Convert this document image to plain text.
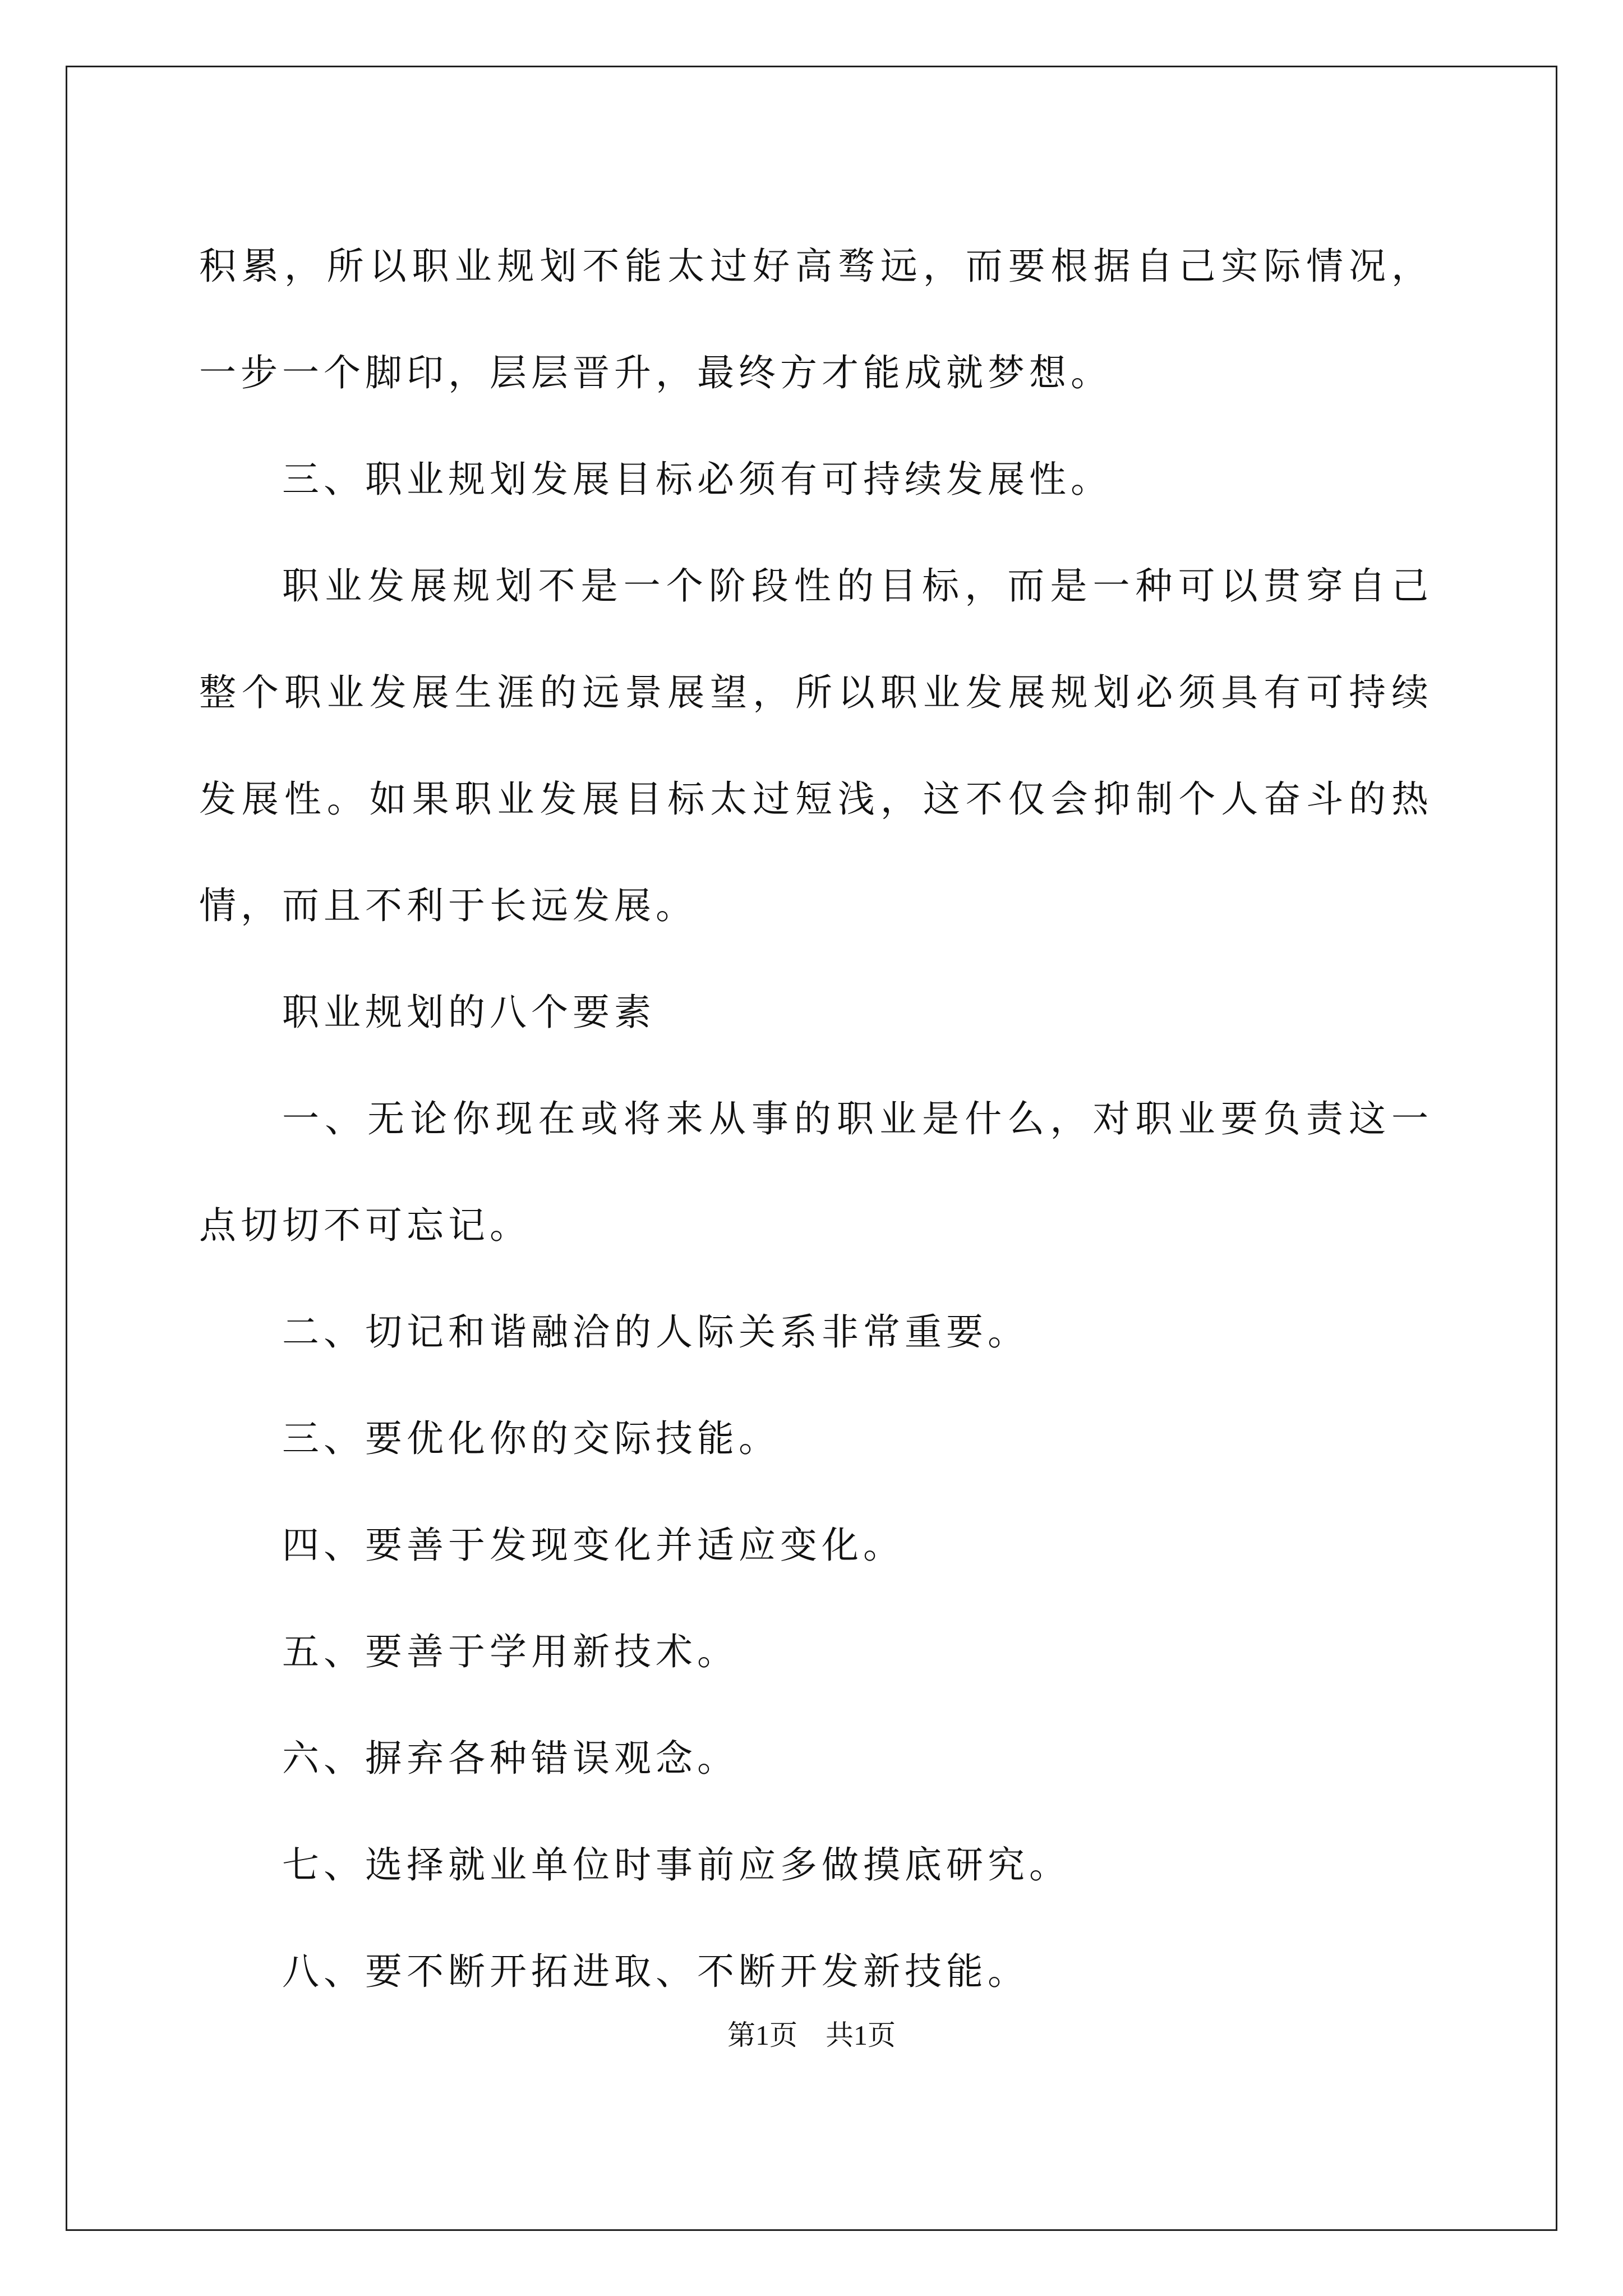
积累，所以职业规划不能太过好高骛远，而要根据自己实际情况，一步一个脚印，层层晋升，最终方才能成就梦想。

三、职业规划发展目标必须有可持续发展性。

职业发展规划不是一个阶段性的目标，而是一种可以贯穿自己整个职业发展生涯的远景展望，所以职业发展规划必须具有可持续发展性。如果职业发展目标太过短浅，这不仅会抑制个人奋斗的热情，而且不利于长远发展。

职业规划的八个要素

一、无论你现在或将来从事的职业是什么，对职业要负责这一点切切不可忘记。

二、切记和谐融洽的人际关系非常重要。

三、要优化你的交际技能。

四、要善于发现变化并适应变化。

五、要善于学用新技术。

六、摒弃各种错误观念。

七、选择就业单位时事前应多做摸底研究。

八、要不断开拓进取、不断开发新技能。

第1页　共1页
